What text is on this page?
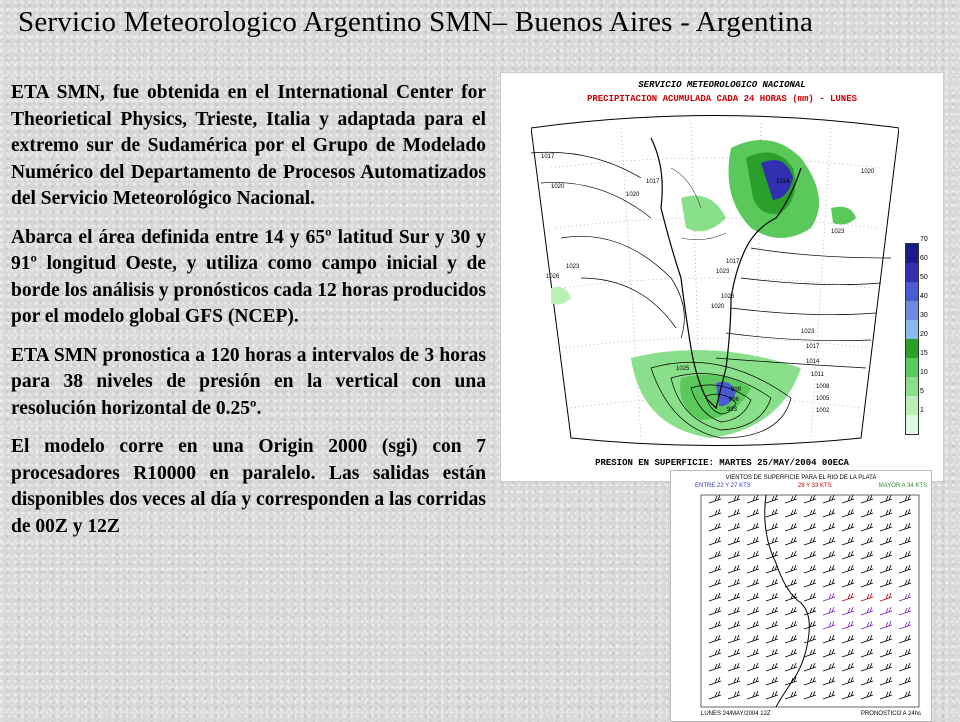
Servicio Meteorologico Argentino SMN– Buenos Aires - Argentina

ETA SMN, fue obtenida en el International Center for Theorietical Physics, Trieste, Italia y adaptada para el extremo sur de Sudamérica por el Grupo de Modelado Numérico del Departamento de Procesos Automatizados del Servicio Meteorológico Nacional.

Abarca el área definida entre 14 y 65º latitud Sur y 30 y 91º longitud Oeste, y utiliza como campo inicial y de borde los análisis y pronósticos cada 12 horas producidos por el modelo global GFS (NCEP).

ETA SMN pronostica a 120 horas a intervalos de 3 horas para 38 niveles de presión en la vertical con una resolución horizontal de 0.25º.

El modelo corre en una Origin 2000 (sgi) con 7 procesadores R10000 en paralelo. Las salidas están disponibles dos veces al día y corresponden a las corridas de 00Z y 12Z

SERVICIO METEOROLOGICO NACIONAL
PRECIPITACION ACUMULADA CADA 24 HORAS (mm) - LUNES
1017
1020
1017
1020
1014
1020
1023
1023
1026
1017
1023
1020
1023
1017
1014
1011
1008
1005
1002
1025
999
996
993
1026
70
60
50
40
30
20
15
10
5
1
PRESION EN SUPERFICIE: MARTES 25/MAY/2004 00ECA
VIENTOS DE SUPERFICIE PARA EL RIO DE LA PLATA
ENTRE 22 Y 27 KTS	28 Y 33 KTS	MAYOR A 34 KTS
LUNES 24/MAY/2004 12Z	PRONOSTICO A 24hs
